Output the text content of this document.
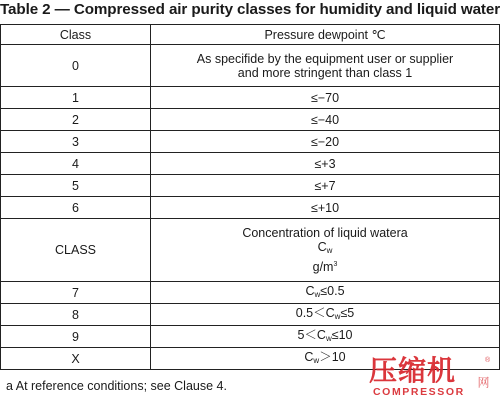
Table 2 — Compressed air purity classes for humidity and liquid water
Class	Pressure dewpoint ℃
0	As specifide by the equipment user or supplier
and more stringent than class 1

1	≤−70
2	≤−40
3	≤−20
4	≤+3
5	≤+7
6	≤+10
CLASS	Concentration of liquid watera
$C_w$
$g/m^3$

7	$C_w\le 0.5$
8	$0.5<C_w\le 5$
9	$5<C_w\le 10$
X	$C_w>10$
a At reference conditions; see Clause 4.	压缩机 网
®
COMPRESSOR
